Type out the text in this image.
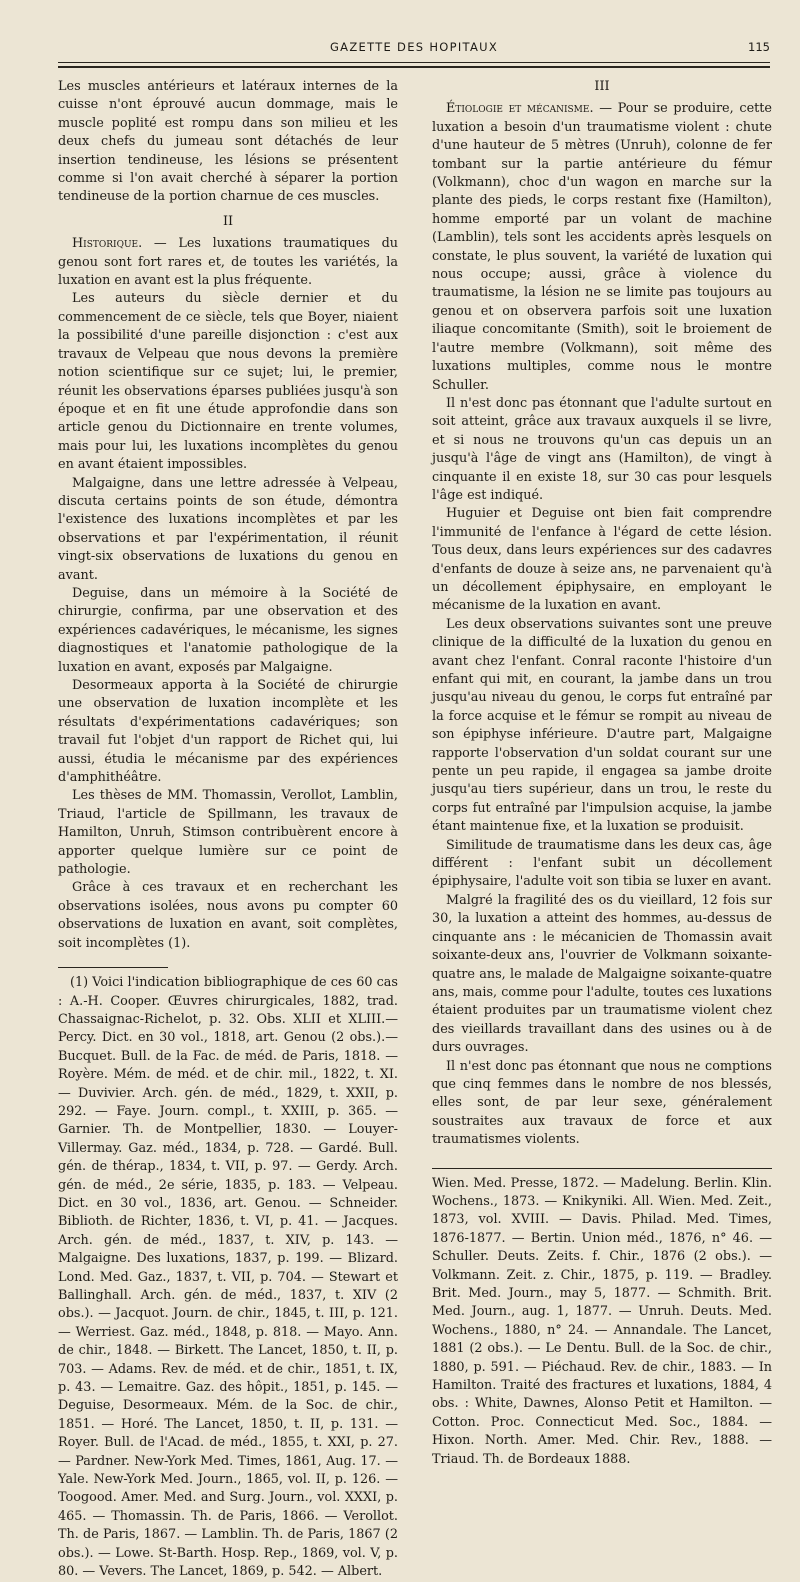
GAZETTE DES HOPITAUX	115

Les muscles antérieurs et latéraux internes de la cuisse n'ont éprouvé aucun dommage, mais le muscle poplité est rompu dans son milieu et les deux chefs du jumeau sont détachés de leur insertion tendineuse, les lésions se présentent comme si l'on avait cherché à séparer la portion tendineuse de la portion charnue de ces muscles.

II

Historique. — Les luxations traumatiques du genou sont fort rares et, de toutes les variétés, la luxation en avant est la plus fréquente.

Les auteurs du siècle dernier et du commencement de ce siècle, tels que Boyer, niaient la possibilité d'une pareille disjonction : c'est aux travaux de Velpeau que nous devons la première notion scientifique sur ce sujet; lui, le premier, réunit les observations éparses publiées jusqu'à son époque et en fit une étude approfondie dans son article genou du Dictionnaire en trente volumes, mais pour lui, les luxations incomplètes du genou en avant étaient impossibles.

Malgaigne, dans une lettre adressée à Velpeau, discuta certains points de son étude, démontra l'existence des luxations incomplètes et par les observations et par l'expérimentation, il réunit vingt-six observations de luxations du genou en avant.

Deguise, dans un mémoire à la Société de chirurgie, confirma, par une observation et des expériences cadavériques, le mécanisme, les signes diagnostiques et l'anatomie pathologique de la luxation en avant, exposés par Malgaigne.

Desormeaux apporta à la Société de chirurgie une observation de luxation incomplète et les résultats d'expérimentations cadavériques; son travail fut l'objet d'un rapport de Richet qui, lui aussi, étudia le mécanisme par des expériences d'amphithéâtre.

Les thèses de MM. Thomassin, Verollot, Lamblin, Triaud, l'article de Spillmann, les travaux de Hamilton, Unruh, Stimson contribuèrent encore à apporter quelque lumière sur ce point de pathologie.

Grâce à ces travaux et en recherchant les observations isolées, nous avons pu compter 60 observations de luxation en avant, soit complètes, soit incomplètes (1).

(1) Voici l'indication bibliographique de ces 60 cas : A.-H. Cooper. Œuvres chirurgicales, 1882, trad. Chassaignac-Richelot, p. 32. Obs. XLII et XLIII.—Percy. Dict. en 30 vol., 1818, art. Genou (2 obs.).— Bucquet. Bull. de la Fac. de méd. de Paris, 1818. — Royère. Mém. de méd. et de chir. mil., 1822, t. XI. — Duvivier. Arch. gén. de méd., 1829, t. XXII, p. 292. — Faye. Journ. compl., t. XXIII, p. 365. — Garnier. Th. de Montpellier, 1830. — Louyer-Villermay. Gaz. méd., 1834, p. 728. — Gardé. Bull. gén. de thérap., 1834, t. VII, p. 97. — Gerdy. Arch. gén. de méd., 2e série, 1835, p. 183. — Velpeau. Dict. en 30 vol., 1836, art. Genou. — Schneider. Biblioth. de Richter, 1836, t. VI, p. 41. — Jacques. Arch. gén. de méd., 1837, t. XIV, p. 143. — Malgaigne. Des luxations, 1837, p. 199. — Blizard. Lond. Med. Gaz., 1837, t. VII, p. 704. — Stewart et Ballinghall. Arch. gén. de méd., 1837, t. XIV (2 obs.). — Jacquot. Journ. de chir., 1845, t. III, p. 121. — Werriest. Gaz. méd., 1848, p. 818. — Mayo. Ann. de chir., 1848. — Birkett. The Lancet, 1850, t. II, p. 703. — Adams. Rev. de méd. et de chir., 1851, t. IX, p. 43. — Lemaitre. Gaz. des hôpit., 1851, p. 145. — Deguise, Desormeaux. Mém. de la Soc. de chir., 1851. — Horé. The Lancet, 1850, t. II, p. 131. — Royer. Bull. de l'Acad. de méd., 1855, t. XXI, p. 27. — Pardner. New-York Med. Times, 1861, Aug. 17. — Yale. New-York Med. Journ., 1865, vol. II, p. 126. — Toogood. Amer. Med. and Surg. Journ., vol. XXXI, p. 465. — Thomassin. Th. de Paris, 1866. — Verollot. Th. de Paris, 1867. — Lamblin. Th. de Paris, 1867 (2 obs.). — Lowe. St-Barth. Hosp. Rep., 1869, vol. V, p. 80. — Vevers. The Lancet, 1869, p. 542. — Albert.

III

Étiologie et mécanisme. — Pour se produire, cette luxation a besoin d'un traumatisme violent : chute d'une hauteur de 5 mètres (Unruh), colonne de fer tombant sur la partie antérieure du fémur (Volkmann), choc d'un wagon en marche sur la plante des pieds, le corps restant fixe (Hamilton), homme emporté par un volant de machine (Lamblin), tels sont les accidents après lesquels on constate, le plus souvent, la variété de luxation qui nous occupe; aussi, grâce à violence du traumatisme, la lésion ne se limite pas toujours au genou et on observera parfois soit une luxation iliaque concomitante (Smith), soit le broiement de l'autre membre (Volkmann), soit même des luxations multiples, comme nous le montre Schuller.

Il n'est donc pas étonnant que l'adulte surtout en soit atteint, grâce aux travaux auxquels il se livre, et si nous ne trouvons qu'un cas depuis un an jusqu'à l'âge de vingt ans (Hamilton), de vingt à cinquante il en existe 18, sur 30 cas pour lesquels l'âge est indiqué.

Huguier et Deguise ont bien fait comprendre l'immunité de l'enfance à l'égard de cette lésion. Tous deux, dans leurs expériences sur des cadavres d'enfants de douze à seize ans, ne parvenaient qu'à un décollement épiphysaire, en employant le mécanisme de la luxation en avant.

Les deux observations suivantes sont une preuve clinique de la difficulté de la luxation du genou en avant chez l'enfant. Conral raconte l'histoire d'un enfant qui mit, en courant, la jambe dans un trou jusqu'au niveau du genou, le corps fut entraîné par la force acquise et le fémur se rompit au niveau de son épiphyse inférieure. D'autre part, Malgaigne rapporte l'observation d'un soldat courant sur une pente un peu rapide, il engagea sa jambe droite jusqu'au tiers supérieur, dans un trou, le reste du corps fut entraîné par l'impulsion acquise, la jambe étant maintenue fixe, et la luxation se produisit.

Similitude de traumatisme dans les deux cas, âge différent : l'enfant subit un décollement épiphysaire, l'adulte voit son tibia se luxer en avant.

Malgré la fragilité des os du vieillard, 12 fois sur 30, la luxation a atteint des hommes, au-dessus de cinquante ans : le mécanicien de Thomassin avait soixante-deux ans, l'ouvrier de Volkmann soixante-quatre ans, le malade de Malgaigne soixante-quatre ans, mais, comme pour l'adulte, toutes ces luxations étaient produites par un traumatisme violent chez des vieillards travaillant dans des usines ou à de durs ouvrages.

Il n'est donc pas étonnant que nous ne comptions que cinq femmes dans le nombre de nos blessés, elles sont, de par leur sexe, généralement soustraites aux travaux de force et aux traumatismes violents.

Wien. Med. Presse, 1872. — Madelung. Berlin. Klin. Wochens., 1873. — Knikyniki. All. Wien. Med. Zeit., 1873, vol. XVIII. — Davis. Philad. Med. Times, 1876-1877. — Bertin. Union méd., 1876, n° 46. — Schuller. Deuts. Zeits. f. Chir., 1876 (2 obs.). — Volkmann. Zeit. z. Chir., 1875, p. 119. — Bradley. Brit. Med. Journ., may 5, 1877. — Schmith. Brit. Med. Journ., aug. 1, 1877. — Unruh. Deuts. Med. Wochens., 1880, n° 24. — Annandale. The Lancet, 1881 (2 obs.). — Le Dentu. Bull. de la Soc. de chir., 1880, p. 591. — Piéchaud. Rev. de chir., 1883. — In Hamilton. Traité des fractures et luxations, 1884, 4 obs. : White, Dawnes, Alonso Petit et Hamilton. — Cotton. Proc. Connecticut Med. Soc., 1884. — Hixon. North. Amer. Med. Chir. Rev., 1888. — Triaud. Th. de Bordeaux 1888.
